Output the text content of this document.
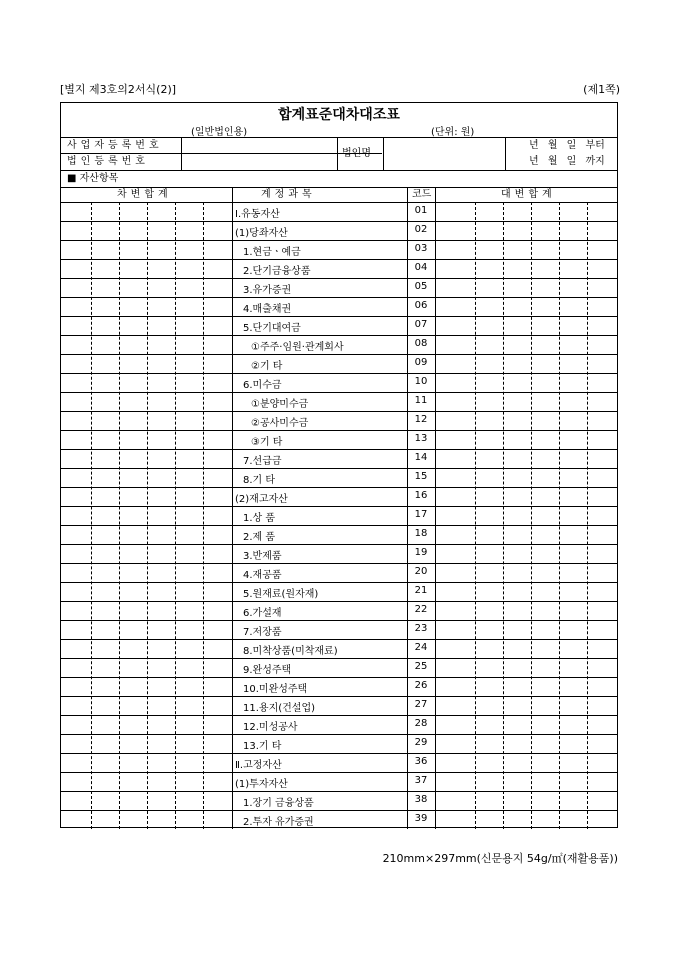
[별지 제3호의2서식(2)]	(제1쪽)
합계표준대차대조표
(일반법인용)	(단위: 원)
사업자등록번호
법인등록번호
법인명
년 월 일 부터
년 월 일 까지
■ 자산항목
차변합계	계정과목	코드	대변합계
Ⅰ.유동자산	01
(1)당좌자산	02
1.현금ㆍ예금	03
2.단기금융상품	04
3.유가증권	05
4.매출채권	06
5.단기대여금	07
①주주·임원·관계회사	08
②기 타	09
6.미수금	10
①분양미수금	11
②공사미수금	12
③기 타	13
7.선급금	14
8.기 타	15
(2)재고자산	16
1.상 품	17
2.제 품	18
3.반제품	19
4.재공품	20
5.원재료(원자재)	21
6.가설재	22
7.저장품	23
8.미착상품(미착재료)	24
9.완성주택	25
10.미완성주택	26
11.용지(건설업)	27
12.미성공사	28
13.기 타	29
Ⅱ.고정자산	36
(1)투자자산	37
1.장기 금융상품	38
2.투자 유가증권	39
210mm×297mm(신문용지 54g/㎡(재활용품))
